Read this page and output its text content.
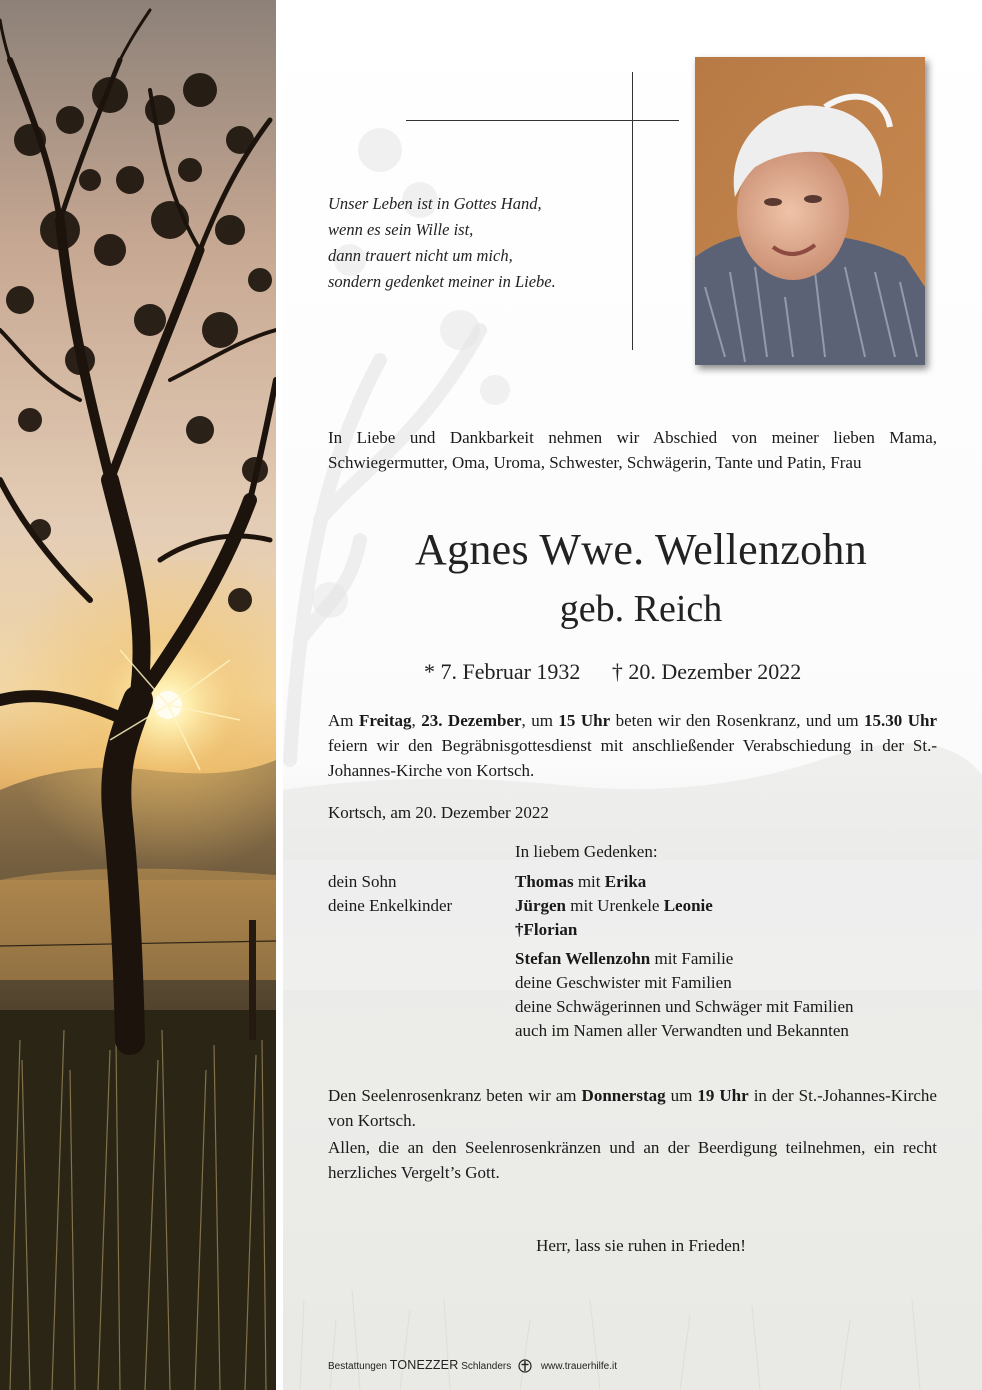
Unser Leben ist in Gottes Hand,
wenn es sein Wille ist,
dann trauert nicht um mich,
sondern gedenket meiner in Liebe.
In Liebe und Dankbarkeit nehmen wir Abschied von meiner lieben Mama, Schwiegermutter, Oma, Uroma, Schwester, Schwägerin, Tante und Patin, Frau
Agnes Wwe. Wellenzohn
geb. Reich
* 7. Februar 1932 † 20. Dezember 2022
Am Freitag, 23. Dezember, um 15 Uhr beten wir den Rosenkranz, und um 15.30 Uhr feiern wir den Begräbnisgottesdienst mit anschließender Verabschiedung in der St.-Johannes-Kirche von Kortsch.
Kortsch, am 20. Dezember 2022
In liebem Gedenken:
dein Sohn
deine Enkelkinder
Thomas mit Erika
Jürgen mit Urenkele Leonie
†Florian
Stefan Wellenzohn mit Familie
deine Geschwister mit Familien
deine Schwägerinnen und Schwäger mit Familien
auch im Namen aller Verwandten und Bekannten
Den Seelenrosenkranz beten wir am Donnerstag um 19 Uhr in der St.-Johannes-Kirche von Kortsch.
Allen, die an den Seelenrosenkränzen und an der Beerdigung teilnehmen, ein recht herzliches Vergelt’s Gott.
Herr, lass sie ruhen in Frieden!
Bestattungen TONEZZER Schlanders	www.trauerhilfe.it
